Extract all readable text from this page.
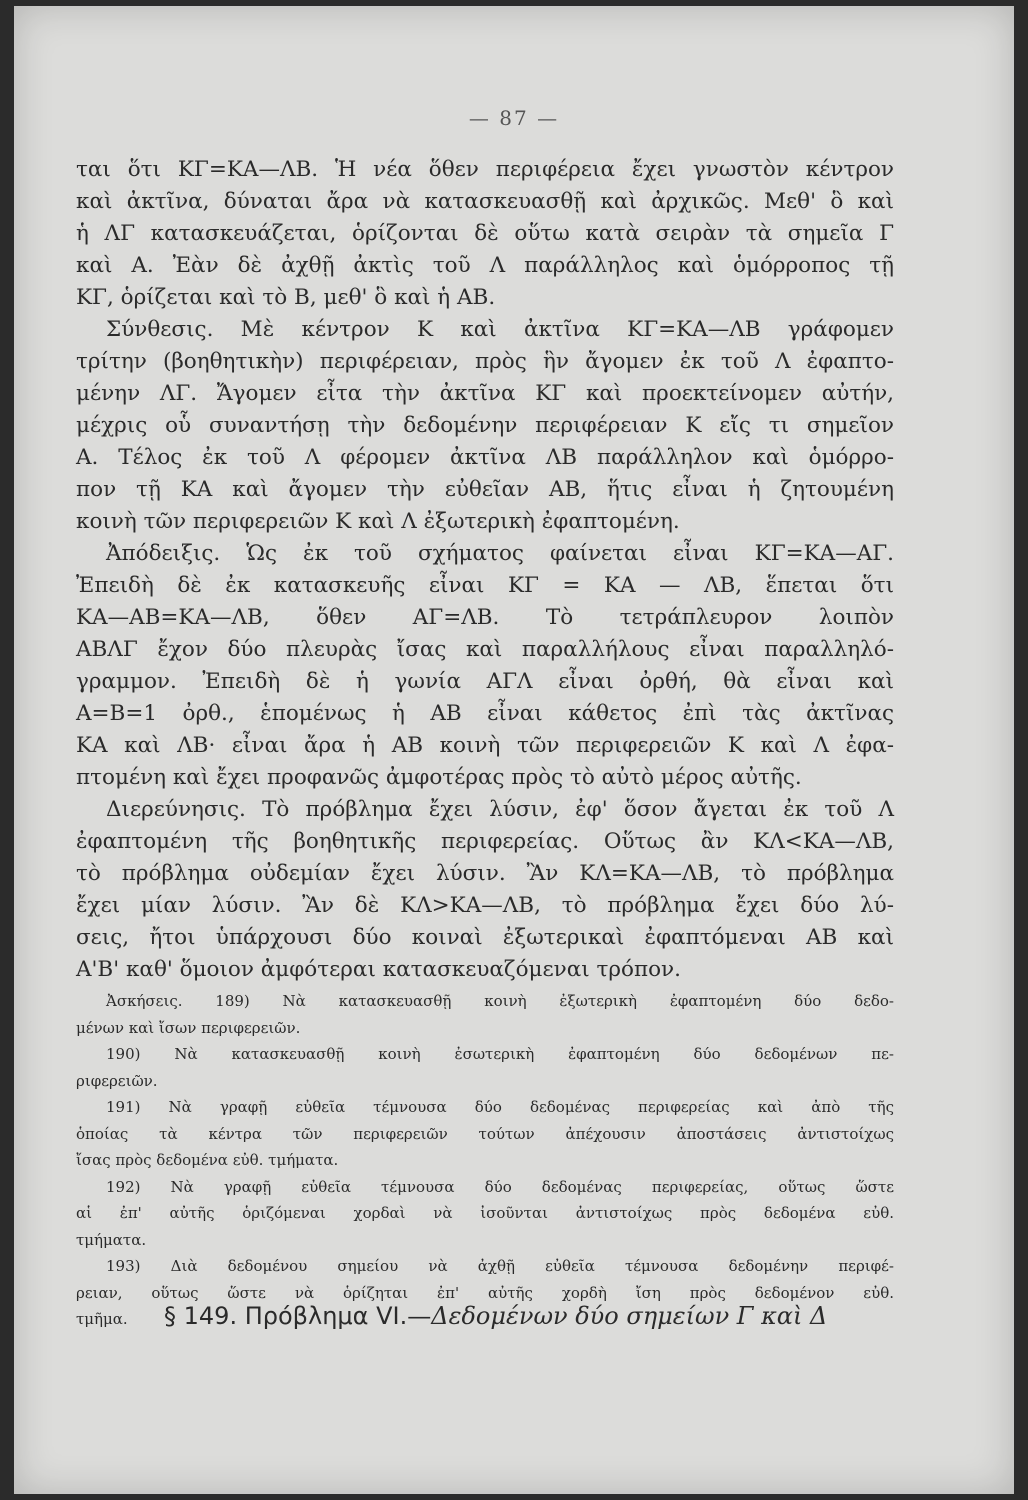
— 87 —
ται ὅτι ΚΓ=ΚΑ—ΛΒ. Ἡ νέα ὅθεν περιφέρεια ἔχει γνωστὸν κέντρον
καὶ ἀκτῖνα, δύναται ἄρα νὰ κατασκευασθῇ καὶ ἀρχικῶς. Μεθ' ὃ καὶ
ἡ ΛΓ κατασκευάζεται, ὁρίζονται δὲ οὕτω κατὰ σειρὰν τὰ σημεῖα Γ
καὶ Α. Ἐὰν δὲ ἀχθῇ ἀκτὶς τοῦ Λ παράλληλος καὶ ὁμόρροπος τῇ
ΚΓ, ὁρίζεται καὶ τὸ Β, μεθ' ὃ καὶ ἡ ΑΒ.
Σύνθεσις. Μὲ κέντρον Κ καὶ ἀκτῖνα ΚΓ=ΚΑ—ΛΒ γράφομεν
τρίτην (βοηθητικὴν) περιφέρειαν, πρὸς ἣν ἄγομεν ἐκ τοῦ Λ ἐφαπτο-
μένην ΛΓ. Ἄγομεν εἶτα τὴν ἀκτῖνα ΚΓ καὶ προεκτείνομεν αὐτήν,
μέχρις οὗ συναντήσῃ τὴν δεδομένην περιφέρειαν Κ εἴς τι σημεῖον
Α. Τέλος ἐκ τοῦ Λ φέρομεν ἀκτῖνα ΛΒ παράλληλον καὶ ὁμόρρο-
πον τῇ ΚΑ καὶ ἄγομεν τὴν εὐθεῖαν ΑΒ, ἥτις εἶναι ἡ ζητουμένη
κοινὴ τῶν περιφερειῶν Κ καὶ Λ ἐξωτερικὴ ἐφαπτομένη.
Ἀπόδειξις. Ὡς ἐκ τοῦ σχήματος φαίνεται εἶναι ΚΓ=ΚΑ—ΑΓ.
Ἐπειδὴ δὲ ἐκ κατασκευῆς εἶναι ΚΓ = ΚΑ — ΛΒ, ἕπεται ὅτι
ΚΑ—ΑΒ=ΚΑ—ΛΒ, ὅθεν ΑΓ=ΛΒ. Τὸ τετράπλευρον λοιπὸν
ΑΒΛΓ ἔχον δύο πλευρὰς ἴσας καὶ παραλλήλους εἶναι παραλληλό-
γραμμον. Ἐπειδὴ δὲ ἡ γωνία ΑΓΛ εἶναι ὀρθή, θὰ εἶναι καὶ
Α=Β=1 ὀρθ., ἑπομένως ἡ ΑΒ εἶναι κάθετος ἐπὶ τὰς ἀκτῖνας
ΚΑ καὶ ΛΒ· εἶναι ἄρα ἡ ΑΒ κοινὴ τῶν περιφερειῶν Κ καὶ Λ ἐφα-
πτομένη καὶ ἔχει προφανῶς ἀμφοτέρας πρὸς τὸ αὐτὸ μέρος αὐτῆς.
Διερεύνησις. Τὸ πρόβλημα ἔχει λύσιν, ἐφ' ὅσον ἄγεται ἐκ τοῦ Λ
ἐφαπτομένη τῆς βοηθητικῆς περιφερείας. Οὕτως ἂν ΚΛ<ΚΑ—ΛΒ,
τὸ πρόβλημα οὐδεμίαν ἔχει λύσιν. Ἂν ΚΛ=ΚΑ—ΛΒ, τὸ πρόβλημα
ἔχει μίαν λύσιν. Ἂν δὲ ΚΛ>ΚΑ—ΛΒ, τὸ πρόβλημα ἔχει δύο λύ-
σεις, ἤτοι ὑπάρχουσι δύο κοιναὶ ἐξωτερικαὶ ἐφαπτόμεναι ΑΒ καὶ
Α'Β' καθ' ὅμοιον ἀμφότεραι κατασκευαζόμεναι τρόπον.
Ἀσκήσεις. 189) Νὰ κατασκευασθῇ κοινὴ ἐξωτερικὴ ἐφαπτομένη δύο δεδο-
μένων καὶ ἴσων περιφερειῶν.
190) Νὰ κατασκευασθῇ κοινὴ ἐσωτερικὴ ἐφαπτομένη δύο δεδομένων πε-
ριφερειῶν.
191) Νὰ γραφῇ εὐθεῖα τέμνουσα δύο δεδομένας περιφερείας καὶ ἀπὸ τῆς
ὁποίας τὰ κέντρα τῶν περιφερειῶν τούτων ἀπέχουσιν ἀποστάσεις ἀντιστοίχως
ἴσας πρὸς δεδομένα εὐθ. τμήματα.
192) Νὰ γραφῇ εὐθεῖα τέμνουσα δύο δεδομένας περιφερείας, οὕτως ὥστε
αἱ ἐπ' αὐτῆς ὁριζόμεναι χορδαὶ νὰ ἰσοῦνται ἀντιστοίχως πρὸς δεδομένα εὐθ.
τμήματα.
193) Διὰ δεδομένου σημείου νὰ ἀχθῇ εὐθεῖα τέμνουσα δεδομένην περιφέ-
ρειαν, οὕτως ὥστε νὰ ὁρίζηται ἐπ' αὐτῆς χορδὴ ἴση πρὸς δεδομένον εὐθ.
τμῆμα.	§ 149. Πρόβλημα VI.—Δεδομένων δύο σημείων Γ καὶ Δ
